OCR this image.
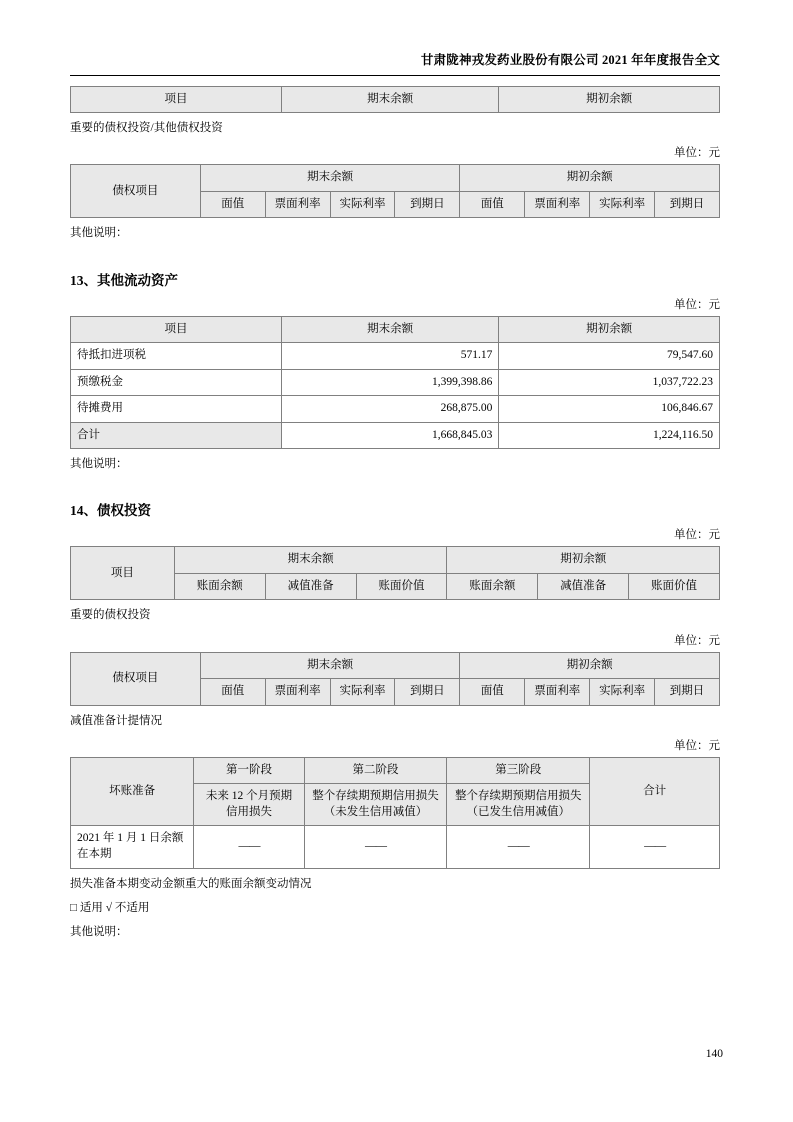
甘肃陇神戎发药业股份有限公司 2021 年年度报告全文
项目	期末余额	期初余额
重要的债权投资/其他债权投资
单位：元
债权项目	期末余额				期初余额			
	面值	票面利率	实际利率	到期日	面值	票面利率	实际利率	到期日
其他说明：
13、其他流动资产
单位：元
项目	期末余额	期初余额
待抵扣进项税	571.17	79,547.60
预缴税金	1,399,398.86	1,037,722.23
待摊费用	268,875.00	106,846.67
合计	1,668,845.03	1,224,116.50
其他说明：
14、债权投资
单位：元
项目	期末余额			期初余额		
	账面余额	减值准备	账面价值	账面余额	减值准备	账面价值
重要的债权投资
单位：元
债权项目	期末余额				期初余额			
	面值	票面利率	实际利率	到期日	面值	票面利率	实际利率	到期日
减值准备计提情况
单位：元
坏账准备	第一阶段	第二阶段	第三阶段	合计
	未来 12 个月预期信用损失	整个存续期预期信用损失（未发生信用减值）	整个存续期预期信用损失（已发生信用减值）	
2021 年 1 月 1 日余额在本期	——	——	——	——
损失准备本期变动金额重大的账面余额变动情况
□ 适用 √ 不适用
其他说明：
140
